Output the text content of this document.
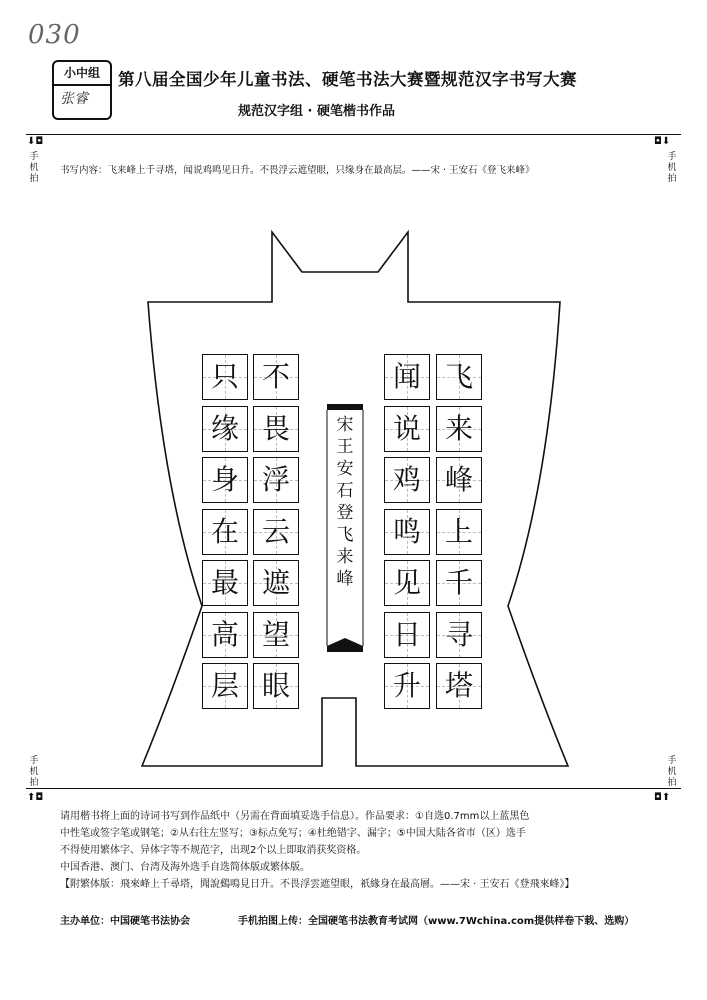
030
小中组
张睿
第八届全国少年儿童书法、硬笔书法大赛暨规范汉字书写大赛
规范汉字组 · 硬笔楷书作品
⬇◘	◘⬇
手机拍
手机拍
书写内容：飞来峰上千寻塔，闻说鸡鸣见日升。不畏浮云遮望眼，只缘身在最高层。——宋 · 王安石《登飞来峰》
宋王安石 登飞来峰
只
缘
身
在
最
高
层
不
畏
浮
云
遮
望
眼
闻
说
鸡
鸣
见
日
升
飞
来
峰
上
千
寻
塔
手机拍
手机拍
⬆◘	◘⬆
请用楷书将上面的诗词书写到作品纸中（另需在背面填妥选手信息）。作品要求：①自选0.7mm以上蓝黑色
中性笔或签字笔或钢笔；②从右往左竖写；③标点免写；④杜绝错字、漏字；⑤中国大陆各省市（区）选手
不得使用繁体字、异体字等不规范字，出现2个以上即取消获奖资格。
中国香港、澳门、台湾及海外选手自选简体版或繁体版。
【附繁体版：飛來峰上千尋塔，聞說鷄鳴見日升。不畏浮雲遮望眼，祇緣身在最高層。——宋 · 王安石《登飛來峰》】
主办单位：中国硬笔书法协会	手机拍图上传：全国硬笔书法教育考试网（www.7Wchina.com提供样卷下载、选购）
